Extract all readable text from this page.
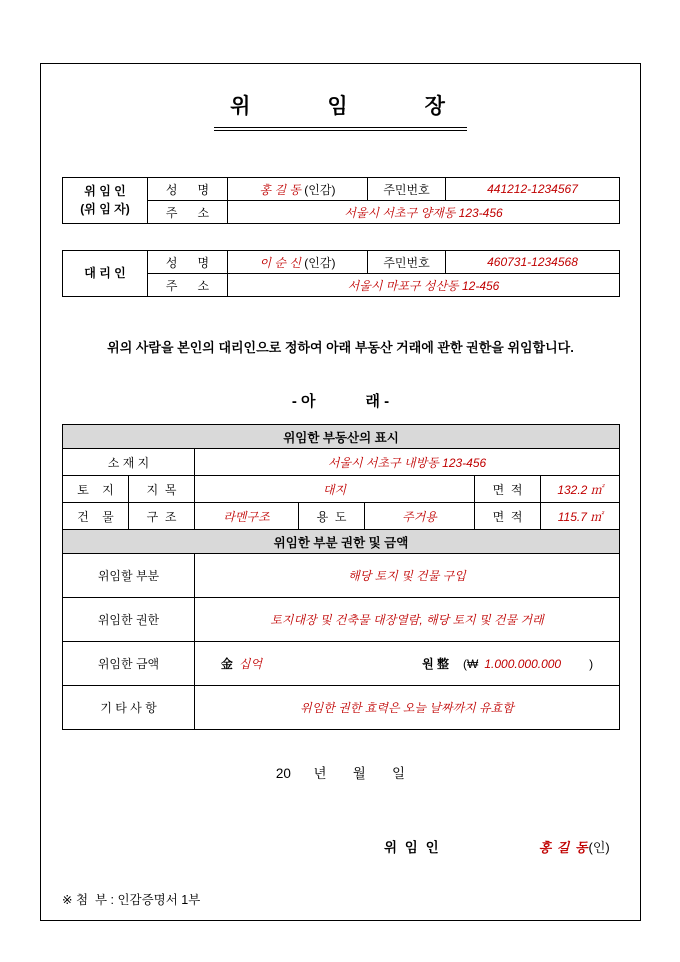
위      임      장
위 임 인
(위 임 자)	성      명	홍 길 동 (인감)	주민번호	441212-1234567
	주      소	서울시 서초구 양재동 123-456		
대 리 인	성      명	이 순 신 (인감)	주민번호	460731-1234568
	주      소	서울시 마포구 성산동 12-456		

위의 사람을 본인의 대리인으로 정하여 아래 부동산 거래에 관한 권한을 위임합니다.

- 아            래 -

위임한 부동산의 표시						
소 재 지		서울시 서초구 내방동 123-456				
토    지	지  목	대지			면  적	132.2 ㎡
건    물	구  조	라멘구조	용  도	주거용	면  적	115.7 ㎡
위임한 부분 권한 및 금액						
위임할 부분		해당 토지 및 건물 구입				
위임한 권한		토지대장 및 건축물 대장열람, 해당 토지 및 건물 거래				
위임한 금액		金 십억 원 整 (₩ 1.000.000.000 )				
기 타 사 항		위임한 권한 효력은 오늘 날짜까지 유효함				

20      년       월       일

위 임 인	홍 길 동(인)

※ 첨  부 : 인감증명서 1부
